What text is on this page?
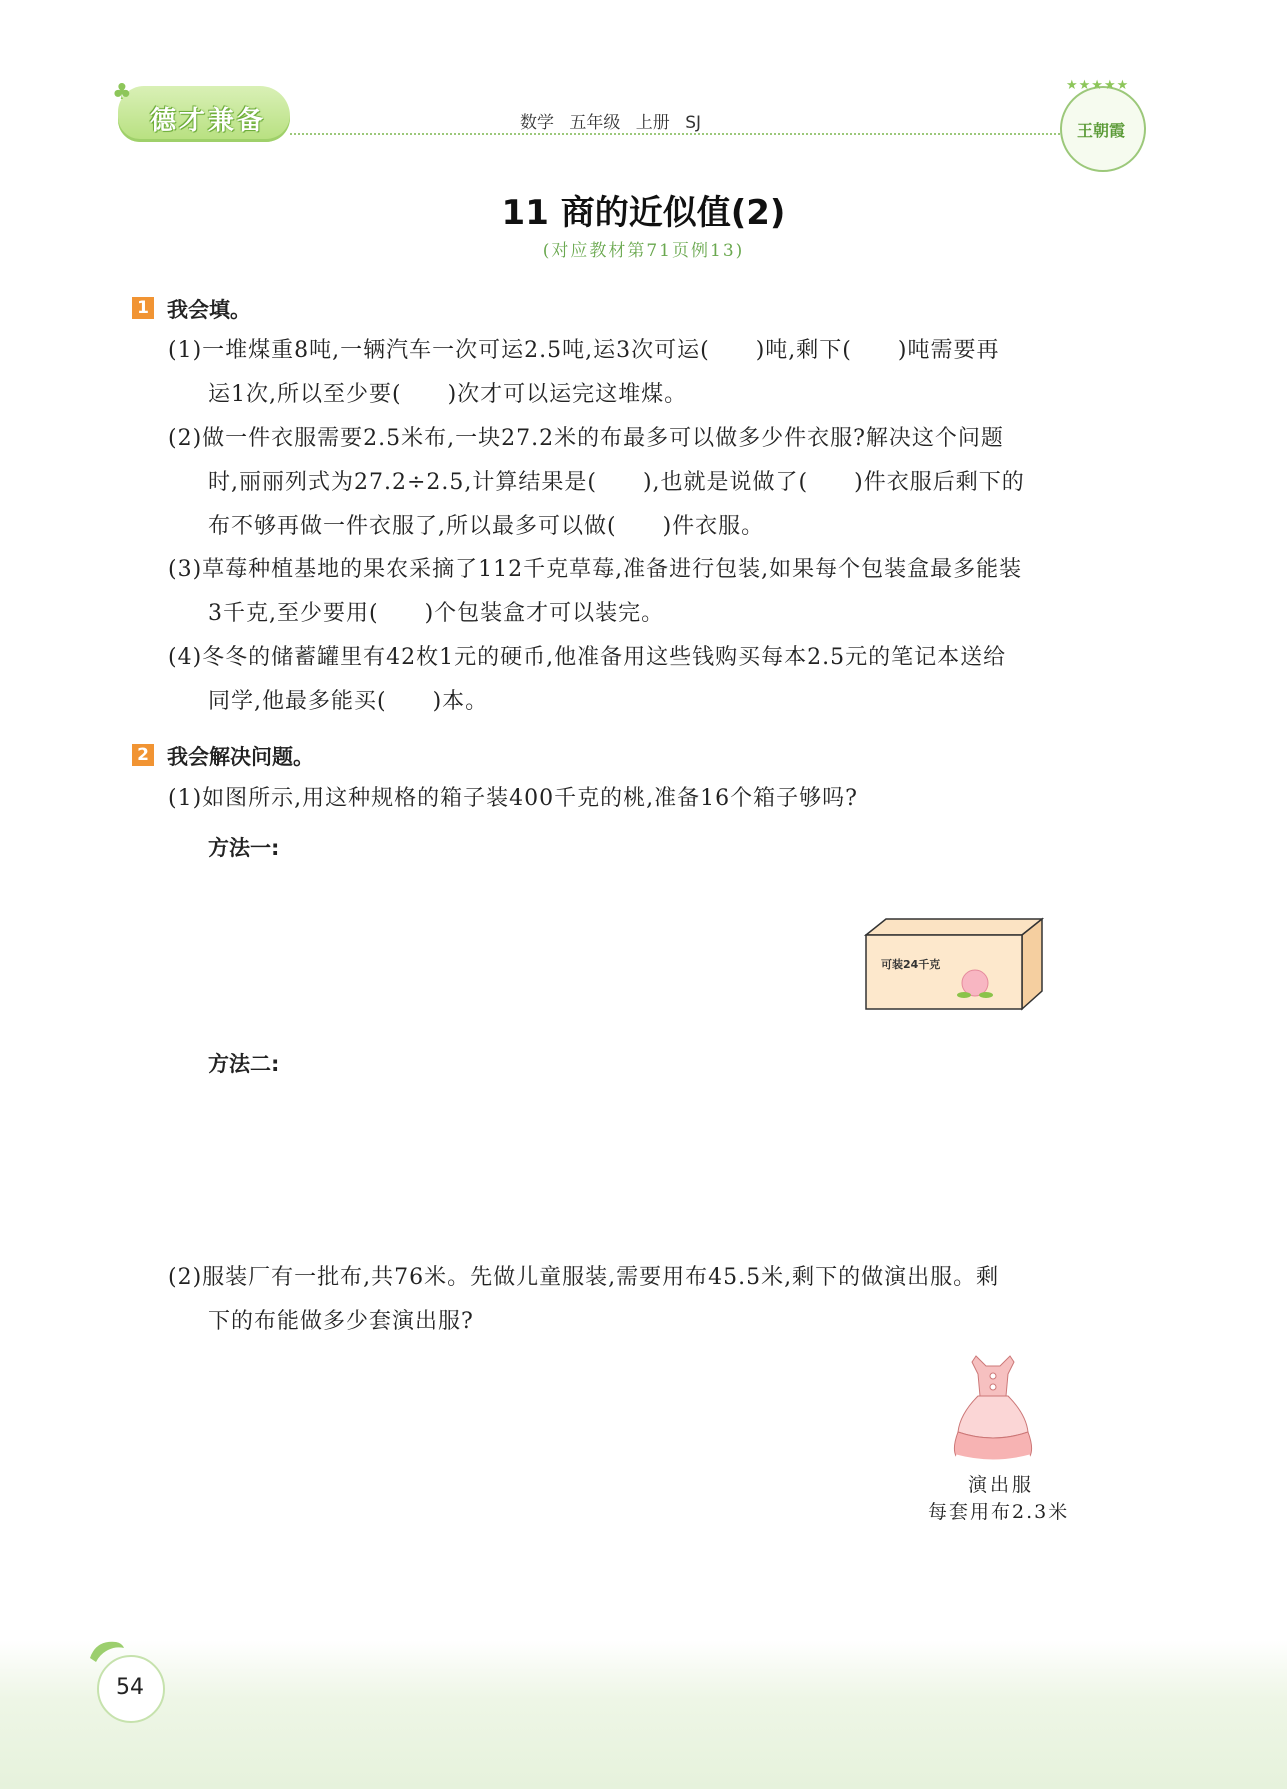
♣
德才兼备	数学 五年级 上册 SJ
★★★★★
王朝霞
11 商的近似值(2)
(对应教材第71页例13)
1 我会填。
(1)一堆煤重8吨,一辆汽车一次可运2.5吨,运3次可运(　　)吨,剩下(　　)吨需要再
运1次,所以至少要(　　)次才可以运完这堆煤。
(2)做一件衣服需要2.5米布,一块27.2米的布最多可以做多少件衣服?解决这个问题
时,丽丽列式为27.2÷2.5,计算结果是(　　),也就是说做了(　　)件衣服后剩下的
布不够再做一件衣服了,所以最多可以做(　　)件衣服。
(3)草莓种植基地的果农采摘了112千克草莓,准备进行包装,如果每个包装盒最多能装
3千克,至少要用(　　)个包装盒才可以装完。
(4)冬冬的储蓄罐里有42枚1元的硬币,他准备用这些钱购买每本2.5元的笔记本送给
同学,他最多能买(　　)本。
2 我会解决问题。
(1)如图所示,用这种规格的箱子装400千克的桃,准备16个箱子够吗?
方法一:
可装24千克
方法二:
(2)服装厂有一批布,共76米。先做儿童服装,需要用布45.5米,剩下的做演出服。剩
下的布能做多少套演出服?
演出服
每套用布2.3米
54
